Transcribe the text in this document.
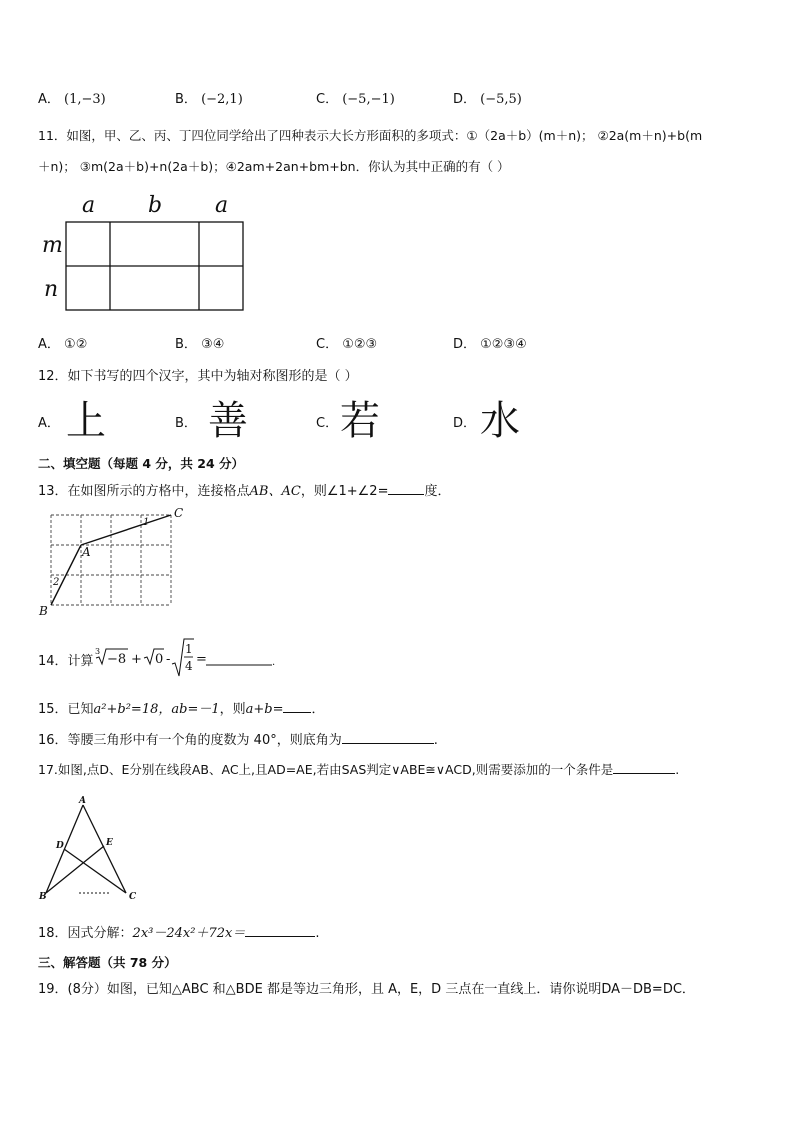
A． (1,−3)	B． (−2,1)	C． (−5,−1)	D． (−5,5)
11．如图，甲、乙、丙、丁四位同学给出了四种表示大长方形面积的多项式：①（2a＋b）(m＋n)； ②2a(m＋n)+b(m
＋n)； ③m(2a＋b)+n(2a＋b)；④2am+2an+bm+bn．你认为其中正确的有（ ）
a b a
m
n
A． ①②	B． ③④	C． ①②③	D． ①②③④
12．如下书写的四个汉字，其中为轴对称图形的是（ ）
A． 上	B． 善	C． 若	D． 水
二、填空题（每题 4 分，共 24 分）
13．在如图所示的方格中，连接格点AB、AC，则∠1+∠2=	度．
C
A
B
1
2
14．计算
3
−8 + 0 -
1
4 =	.
15．已知a²+b²=18，ab=－1，则a+b= ．
16．等腰三角形中有一个角的度数为 40°，则底角为	.
17.如图,点D、E分别在线段AB、AC上,且AD=AE,若由SAS判定∨ABE≅∨ACD,则需要添加的一个条件是	.
A
D	E
B	C
18．因式分解：2x³－24x²＋72x＝	.
三、解答题（共 78 分）
19．(8分）如图，已知△ABC 和△BDE 都是等边三角形，且 A，E，D 三点在一直线上．请你说明DA－DB=DC．
